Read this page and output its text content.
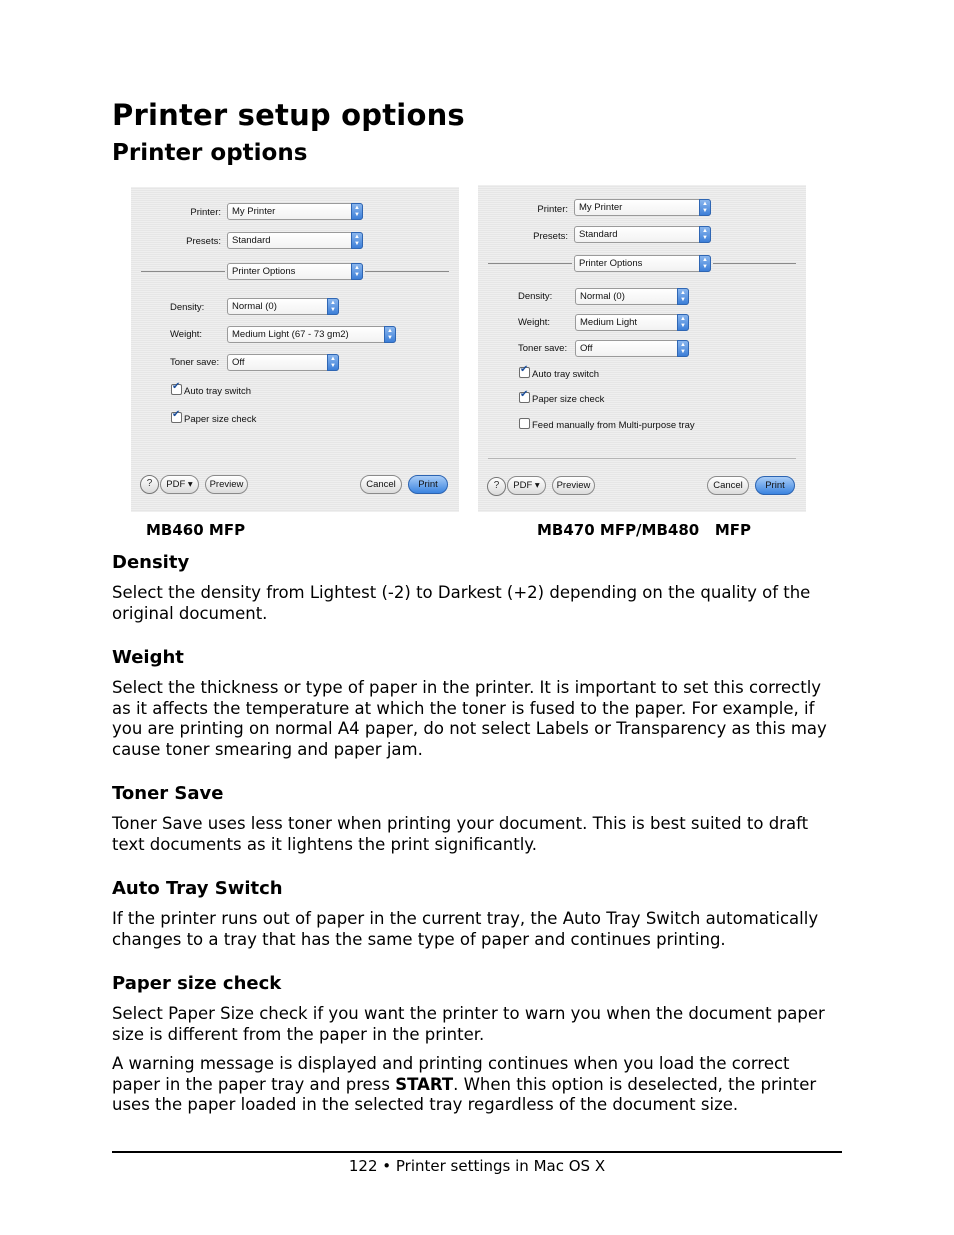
Printer setup options
Printer options
Printer: My Printer	▲
▼
Presets: Standard	▲
▼
Printer Options	▲
▼
Density:	Normal (0)	▲
▼
Weight:	Medium Light (67 - 73 gm2)	▲
▼
Toner save:	Off	▲
▼
✔Auto tray switch
✔Paper size check
?	PDF ▾	Preview	Cancel	Print
Printer: My Printer	▲
▼
Presets: Standard	▲
▼
Printer Options	▲
▼
Density:	Normal (0)	▲
▼
Weight:	Medium Light	▲
▼
Toner save:	Off	▲
▼
✔Auto tray switch
✔Paper size check
Feed manually from Multi-purpose tray
?	PDF ▾	Preview	Cancel	Print
MB460 MFP	MB470 MFP/MB480   MFP
Density

Select the density from Lightest (-2) to Darkest (+2) depending on the quality of the original document.

Weight

Select the thickness or type of paper in the printer. It is important to set this correctly as it affects the temperature at which the toner is fused to the paper. For example, if you are printing on normal A4 paper, do not select Labels or Transparency as this may cause toner smearing and paper jam.

Toner Save

Toner Save uses less toner when printing your document. This is best suited to draft text documents as it lightens the print significantly.

Auto Tray Switch

If the printer runs out of paper in the current tray, the Auto Tray Switch automatically changes to a tray that has the same type of paper and continues printing.

Paper size check

Select Paper Size check if you want the printer to warn you when the document paper size is different from the paper in the printer.

A warning message is displayed and printing continues when you load the correct paper in the paper tray and press START. When this option is deselected, the printer uses the paper loaded in the selected tray regardless of the document size.

122 • Printer settings in Mac OS X
